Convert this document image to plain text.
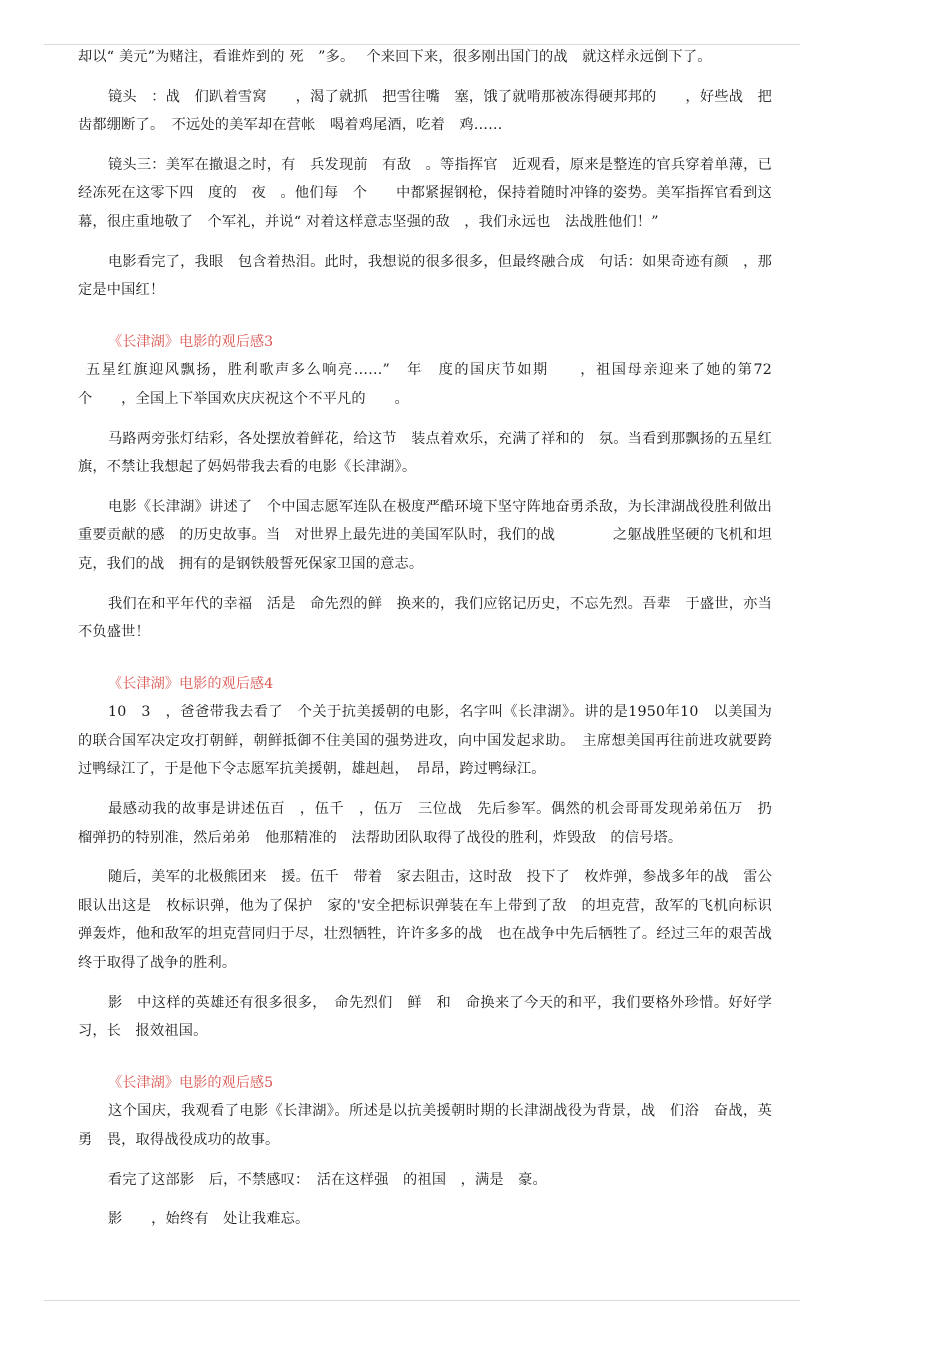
却以“ 美元”为赌注，看谁炸到的 死　”多。　 个来回下来，很多刚出国门的战　就这样永远倒下了。

镜头　：战　们趴着雪窝　　，渴了就抓　把雪往嘴　塞，饿了就啃那被冻得硬邦邦的　　，好些战　把　齿都绷断了。　不远处的美军却在营帐　喝着鸡尾酒，吃着　鸡……

镜头三：美军在撤退之时，有　兵发现前　有敌　。等指挥官　近观看，原来是整连的官兵穿着单薄，已经冻死在这零下四　度的　夜　。他们每　个　　中都紧握钢枪，保持着随时冲锋的姿势。美军指挥官看到这　幕，很庄重地敬了　个军礼，并说“ 对着这样意志坚强的敌　，我们永远也　法战胜他们！”

电影看完了，我眼　包含着热泪。此时，我想说的很多很多，但最终融合成　句话：如果奇迹有颜　，那　定是中国红！

《长津湖》电影的观后感3

五星红旗迎风飘扬，胜利歌声多么响亮……”　年　度的国庆节如期　　，祖国母亲迎来了她的第72个　　，全国上下举国欢庆庆祝这个不平凡的　　。

马路两旁张灯结彩，各处摆放着鲜花，给这节　装点着欢乐，充满了祥和的　氛。当看到那飘扬的五星红旗，不禁让我想起了妈妈带我去看的电影《长津湖》。

电影《长津湖》讲述了　个中国志愿军连队在极度严酷环境下坚守阵地奋勇杀敌，为长津湖战役胜利做出重要贡献的感　的历史故事。当　对世界上最先进的美国军队时，我们的战　　　　之躯战胜坚硬的飞机和坦克，我们的战　拥有的是钢铁般誓死保家卫国的意志。

我们在和平年代的幸福　活是　命先烈的鲜　换来的，我们应铭记历史，不忘先烈。吾辈　于盛世，亦当不负盛世！

《长津湖》电影的观后感4

10　3　，爸爸带我去看了　个关于抗美援朝的电影，名字叫《长津湖》。讲的是1950年10　以美国为　的联合国军决定攻打朝鲜，朝鲜抵御不住美国的强势进攻，向中国发起求助。　主席想美国再往前进攻就要跨过鸭绿江了，于是他下令志愿军抗美援朝，雄赳赳，　昂昂，跨过鸭绿江。

最感动我的故事是讲述伍百　，伍千　，伍万　三位战　先后参军。偶然的机会哥哥发现弟弟伍万　扔　榴弹扔的特别准，然后弟弟　他那精准的　法帮助团队取得了战役的胜利，炸毁敌　的信号塔。

随后，美军的北极熊团来　援。伍千　带着　家去阻击，这时敌　投下了　枚炸弹，参战多年的战　雷公　眼认出这是　枚标识弹，他为了保护　家的'安全把标识弹装在车上带到了敌　的坦克营，敌军的飞机向标识弹轰炸，他和敌军的坦克营同归于尽，壮烈牺牲，许许多多的战　也在战争中先后牺牲了。经过三年的艰苦战　终于取得了战争的胜利。

影　中这样的英雄还有很多很多，　命先烈们　鲜　和　命换来了今天的和平，我们要格外珍惜。好好学习，长　报效祖国。

《长津湖》电影的观后感5

这个国庆，我观看了电影《长津湖》。所述是以抗美援朝时期的长津湖战役为背景，战　们浴　奋战，英勇　畏，取得战役成功的故事。

看完了这部影　后，不禁感叹：　活在这样强　的祖国　，满是　豪。

影　　，始终有　处让我难忘。
